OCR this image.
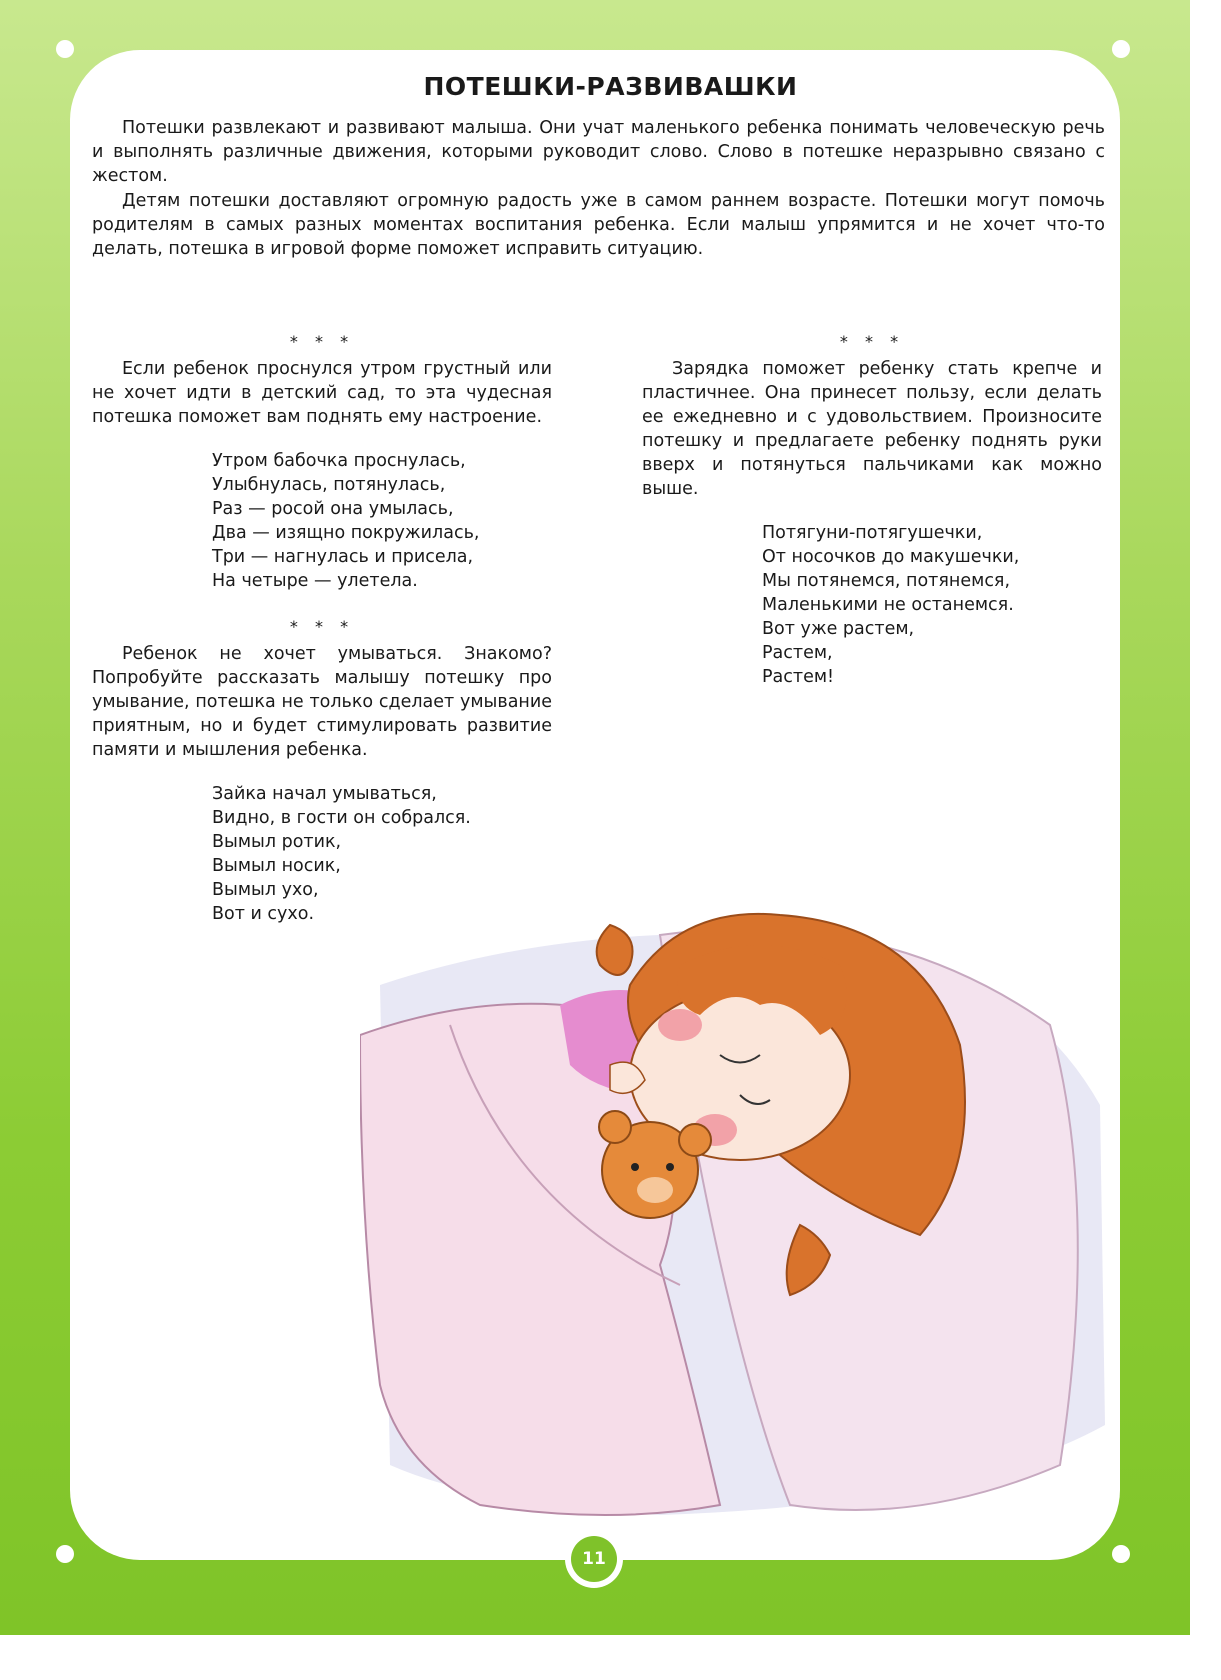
ПОТЕШКИ-РАЗВИВАШКИ

Потешки развлекают и развивают малыша. Они учат маленького ребенка понимать человеческую речь и выполнять различные движения, которыми руководит слово. Слово в потешке неразрывно связано с жестом.

Детям потешки доставляют огромную радость уже в самом раннем возрасте. Потешки могут помочь родителям в самых разных моментах воспитания ребенка. Если малыш упрямится и не хочет что-то делать, потешка в игровой форме поможет исправить ситуацию.

* * *

Если ребенок проснулся утром грустный или не хочет идти в детский сад, то эта чудесная потешка поможет вам поднять ему настроение.

Утром бабочка проснулась,
Улыбнулась, потянулась,
Раз — росой она умылась,
Два — изящно покружилась,
Три — нагнулась и присела,
На четыре — улетела.
* * *

Ребенок не хочет умываться. Знакомо? Попробуйте рассказать малышу потешку про умывание, потешка не только сделает умывание приятным, но и будет стимулировать развитие памяти и мышления ребенка.

Зайка начал умываться,
Видно, в гости он собрался.
Вымыл ротик,
Вымыл носик,
Вымыл ухо,
Вот и сухо.
* * *

Зарядка поможет ребенку стать крепче и пластичнее. Она принесет пользу, если делать ее ежедневно и с удовольствием. Произносите потешку и предлагаете ребенку поднять руки вверх и потянуться пальчиками как можно выше.

Потягуни-потягушечки,
От носочков до макушечки,
Мы потянемся, потянемся,
Маленькими не останемся.
Вот уже растем,
Растем,
Растем!
11
